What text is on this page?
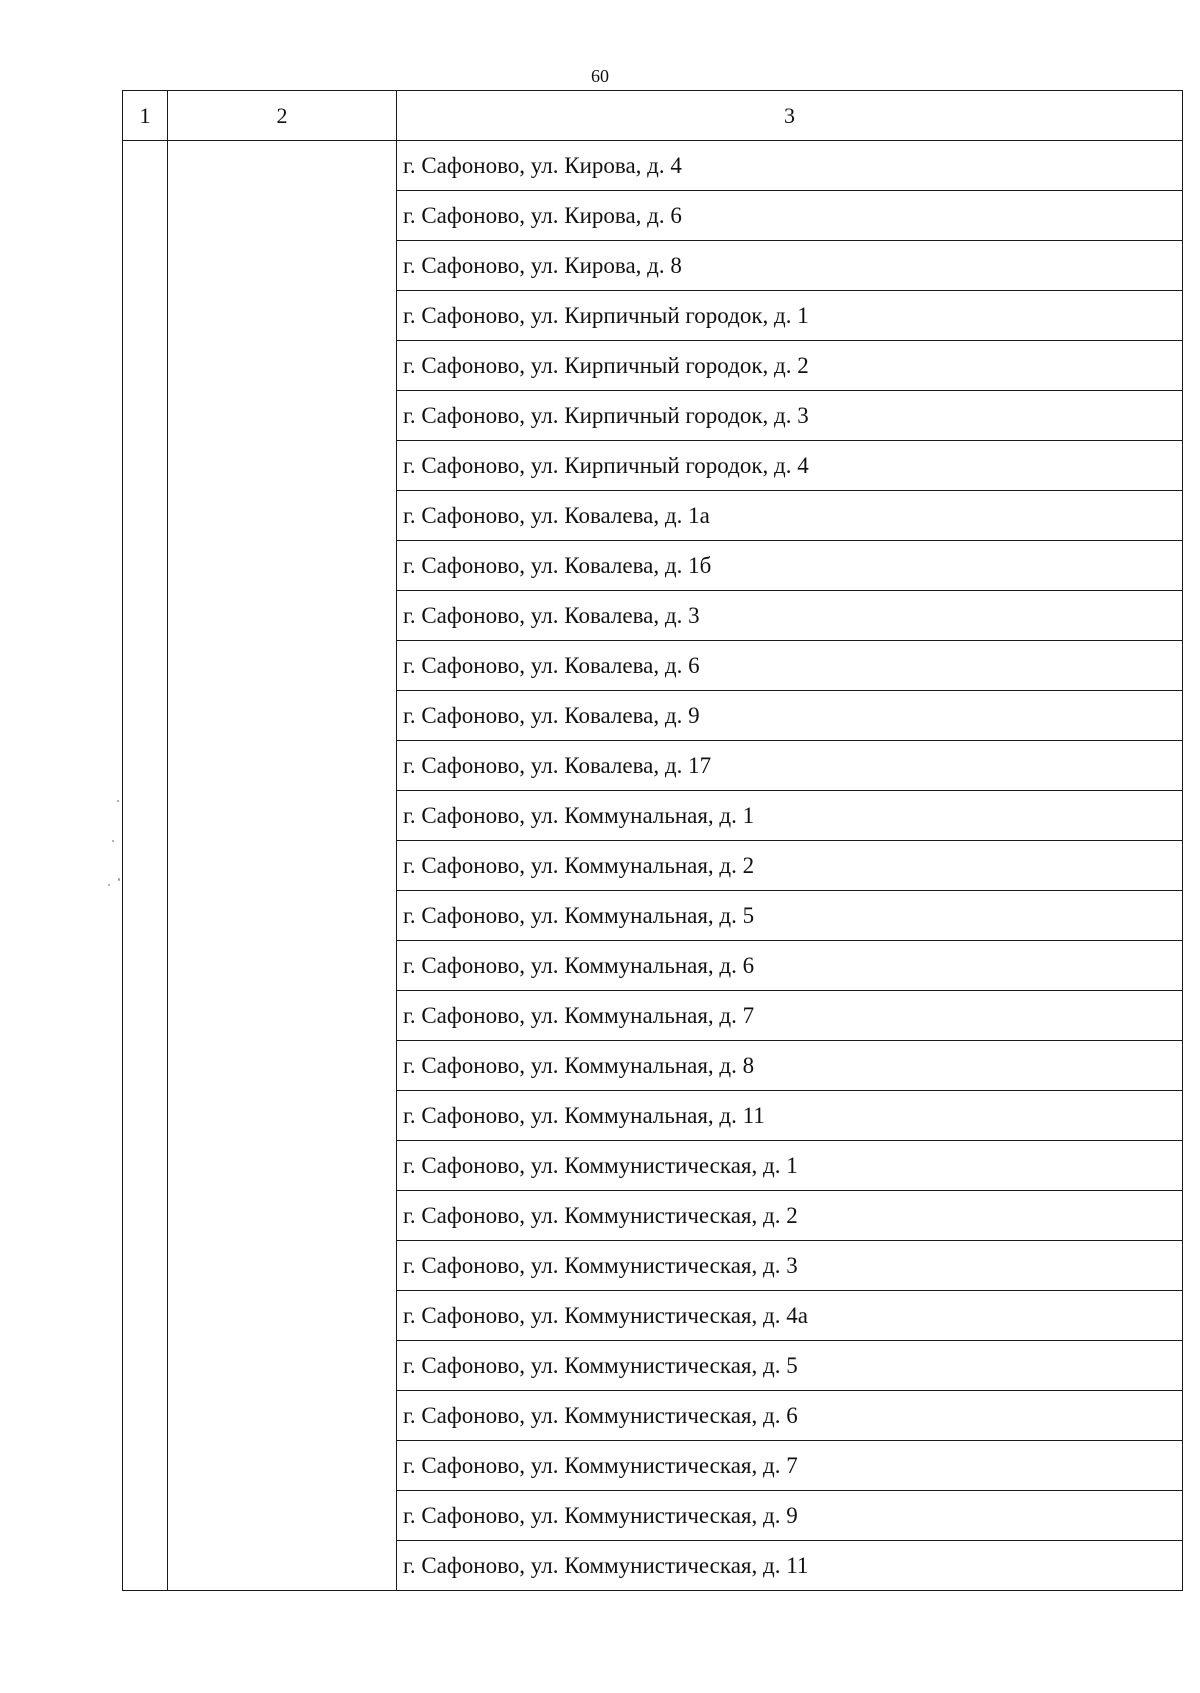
60
1	2	3
		г. Сафоново, ул. Кирова, д. 4
		г. Сафоново, ул. Кирова, д. 6
		г. Сафоново, ул. Кирова, д. 8
		г. Сафоново, ул. Кирпичный городок, д. 1
		г. Сафоново, ул. Кирпичный городок, д. 2
		г. Сафоново, ул. Кирпичный городок, д. 3
		г. Сафоново, ул. Кирпичный городок, д. 4
		г. Сафоново, ул. Ковалева, д. 1а
		г. Сафоново, ул. Ковалева, д. 1б
		г. Сафоново, ул. Ковалева, д. 3
		г. Сафоново, ул. Ковалева, д. 6
		г. Сафоново, ул. Ковалева, д. 9
		г. Сафоново, ул. Ковалева, д. 17
		г. Сафоново, ул. Коммунальная, д. 1
		г. Сафоново, ул. Коммунальная, д. 2
		г. Сафоново, ул. Коммунальная, д. 5
		г. Сафоново, ул. Коммунальная, д. 6
		г. Сафоново, ул. Коммунальная, д. 7
		г. Сафоново, ул. Коммунальная, д. 8
		г. Сафоново, ул. Коммунальная, д. 11
		г. Сафоново, ул. Коммунистическая, д. 1
		г. Сафоново, ул. Коммунистическая, д. 2
		г. Сафоново, ул. Коммунистическая, д. 3
		г. Сафоново, ул. Коммунистическая, д. 4а
		г. Сафоново, ул. Коммунистическая, д. 5
		г. Сафоново, ул. Коммунистическая, д. 6
		г. Сафоново, ул. Коммунистическая, д. 7
		г. Сафоново, ул. Коммунистическая, д. 9
		г. Сафоново, ул. Коммунистическая, д. 11
